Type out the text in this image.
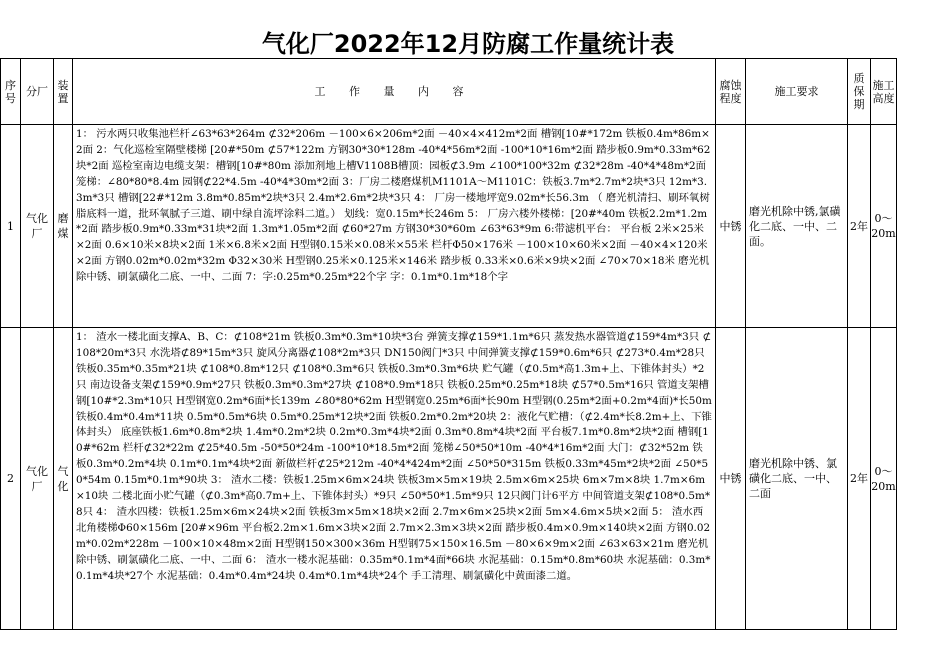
气化厂2022年12月防腐工作量统计表
序号	分厂	装置	工 作 量 内 容	腐蚀程度	施工要求	质保期	施工高度
1	气化厂	磨煤	1： 污水两只收集池栏杆∠63*63*264m ⊄32*206m －100×6×206m*2面 －40×4×412m*2面 槽钢[10#*172m 铁板0.4m*86m×2面 2：气化巡检室隔壁楼梯 [20#*50m ⊄57*122m 方钢30*30*128m -40*4*56m*2面 -100*10*16m*2面 踏步板0.9m*0.33m*62块*2面 巡检室南边电缆支架：槽钢[10#*80m 添加剂地上槽V1108B槽顶：园板⊄3.9m ∠100*100*32m ⊄32*28m -40*4*48m*2面 笼梯：∠80*80*8.4m 园钢⊄22*4.5m -40*4*30m*2面 3：厂房二楼磨煤机M1101A～M1101C：铁板3.7m*2.7m*2块*3只 12m*3.3m*3只 槽钢[22#*12m 3.8m*0.85m*2块*3只 2.4m*2.6m*2块*3只 4： 厂房一楼地坪宽9.02m*长56.3m （ 磨光机清扫、刷环氧树脂底料一道，批环氧腻子三道、刷中绿自流坪涂料二道。） 划线：宽0.15m*长246m 5： 厂房六楼外楼梯：[20#*40m 铁板2.2m*1.2m*2面 踏步板0.9m*0.33m*31块*2面 1.3m*1.05m*2面 ⊄60*27m 方钢30*30*60m ∠63*63*9m 6:带滤机平台： 平台板 2米×25米×2面 0.6×10米×8块×2面 1米×6.8米×2面 H型钢0.15米×0.08米×55米 栏杆Φ50×176米 －100×10×60米×2面 －40×4×120米×2面 方钢0.02m*0.02m*32m Φ32×30米 H型钢0.25米×0.125米×146米 踏步板 0.33米×0.6米×9块×2面 ∠70×70×18米 磨光机除中锈、刷氯磺化二底、一中、二面 7：字:0.25m*0.25m*22个字 字：0.1m*0.1m*18个字	中锈	磨光机除中锈,氯磺化二底、一中、二面。	2年	0～20m
2	气化厂	气化	1： 渣水一楼北面支撑A、B、C：⊄108*21m 铁板0.3m*0.3m*10块*3台 弹簧支撑⊄159*1.1m*6只 蒸发热水器管道⊄159*4m*3只 ⊄108*20m*3只 水洗塔⊄89*15m*3只 旋风分离器⊄108*2m*3只 DN150阀门*3只 中间弹簧支撑⊄159*0.6m*6只 ⊄273*0.4m*28只 铁板0.35m*0.35m*21块 ⊄108*0.8m*12只 ⊄108*0.3m*6只 铁板0.3m*0.3m*6块 贮气罐（⊄0.5m*高1.3m+上、下锥体封头）*2只 南边设备支架⊄159*0.9m*27只 铁板0.3m*0.3m*27块 ⊄108*0.9m*18只 铁板0.25m*0.25m*18块 ⊄57*0.5m*16只 管道支架槽钢[10#*2.3m*10只 H型钢宽0.2m*6面*长139m ∠80*80*62m H型钢宽0.25m*6面*长90m H型钢(0.25m*2面+0.2m*4面)*长50m 铁板0.4m*0.4m*11块 0.5m*0.5m*6块 0.5m*0.25m*12块*2面 铁板0.2m*0.2m*20块 2：液化气贮槽：（⊄2.4m*长8.2m+上、下锥体封头） 底座铁板1.6m*0.8m*2块 1.4m*0.2m*2块 0.2m*0.3m*4块*2面 0.3m*0.8m*4块*2面 平台板7.1m*0.8m*2块*2面 槽钢[10#*62m 栏杆⊄32*22m ⊄25*40.5m -50*50*24m -100*10*18.5m*2面 笼梯∠50*50*10m -40*4*16m*2面 大门：⊄32*52m 铁板0.3m*0.2m*4块 0.1m*0.1m*4块*2面 新做栏杆⊄25*212m -40*4*424m*2面 ∠50*50*315m 铁板0.33m*45m*2块*2面 ∠50*50*54m 0.15m*0.1m*90块 3： 渣水二楼：铁板1.25m×6m×24块 铁板3m×5m×19块 2.5m×6m×25块 6m×7m×8块 1.7m×6m×10块 二楼北面小贮气罐（⊄0.3m*高0.7m+上、下锥体封头）*9只 ∠50*50*1.5m*9只 12只阀门计6平方 中间管道支架⊄108*0.5m*8只 4： 渣水四楼：铁板1.25m×6m×24块×2面 铁板3m×5m×18块×2面 2.7m×6m×25块×2面 5m×4.6m×5块×2面 5： 渣水西北角楼梯Φ60×156m [20#×96m 平台板2.2m×1.6m×3块×2面 2.7m×2.3m×3块×2面 踏步板0.4m×0.9m×140块×2面 方钢0.02m*0.02m*228m －100×10×48m×2面 H型钢150×300×36m H型钢75×150×16.5m －80×6×9m×2面 ∠63×63×21m 磨光机除中锈、刷氯磺化二底、一中、二面 6： 渣水一楼水泥基础：0.35m*0.1m*4面*66块 水泥基础：0.15m*0.8m*60块 水泥基础：0.3m*0.1m*4块*27个 水泥基础：0.4m*0.4m*24块 0.4m*0.1m*4块*24个 手工清理、刷氯磺化中黄面漆二道。	中锈	磨光机除中锈、氯磺化二底、一中、二面	2年	0～20m
